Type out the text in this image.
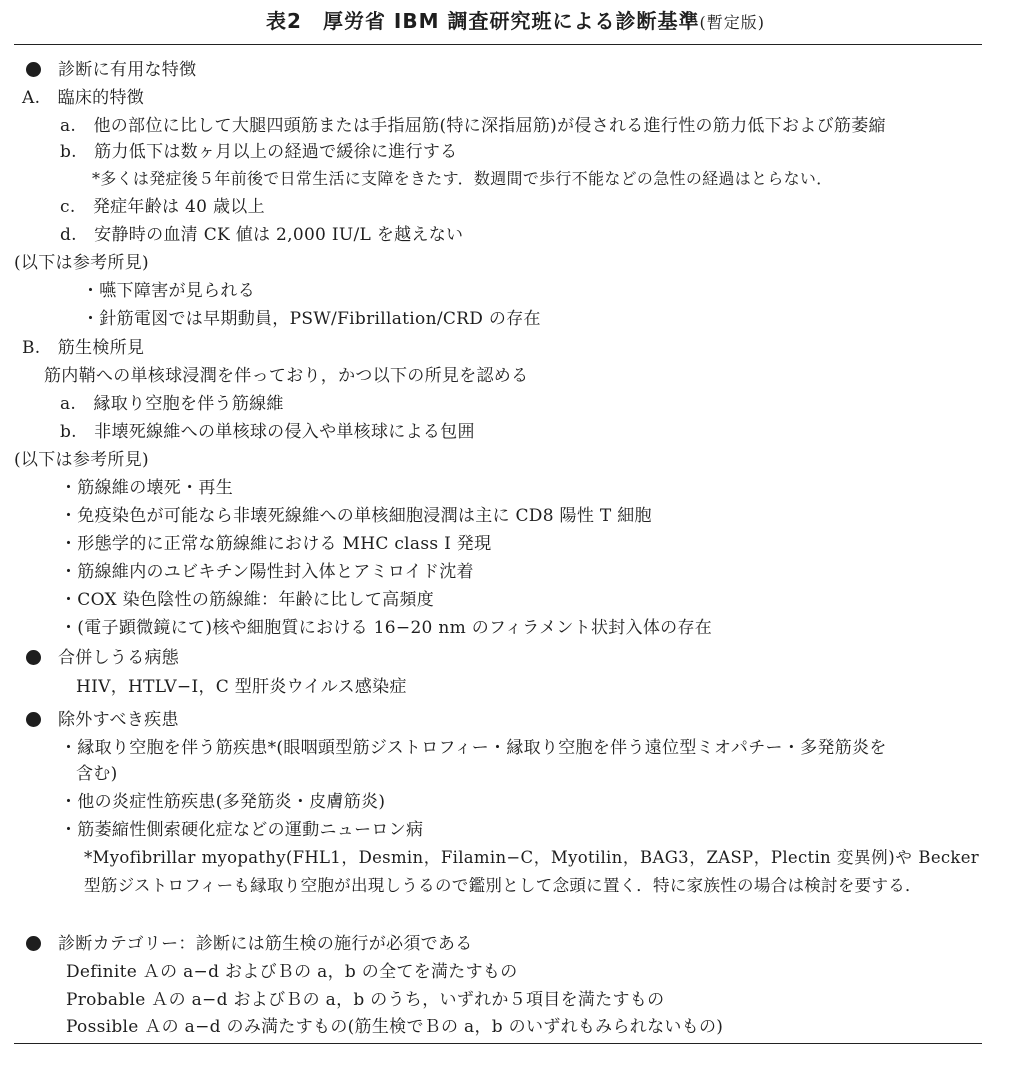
表2　厚労省 IBM 調査研究班による診断基準(暫定版)
診断に有用な特徴
A.　臨床的特徴
a.　他の部位に比して大腿四頭筋または手指屈筋(特に深指屈筋)が侵される進行性の筋力低下および筋萎縮
b.　筋力低下は数ヶ月以上の経過で緩徐に進行する
*多くは発症後５年前後で日常生活に支障をきたす．数週間で歩行不能などの急性の経過はとらない．
c.　発症年齢は 40 歳以上
d.　安静時の血清 CK 値は 2,000 IU/L を越えない
(以下は参考所見)
・嚥下障害が見られる
・針筋電図では早期動員，PSW/Fibrillation/CRD の存在
B.　筋生検所見
筋内鞘への単核球浸潤を伴っており，かつ以下の所見を認める
a.　縁取り空胞を伴う筋線維
b.　非壊死線維への単核球の侵入や単核球による包囲
(以下は参考所見)
・筋線維の壊死・再生
・免疫染色が可能なら非壊死線維への単核細胞浸潤は主に CD8 陽性 T 細胞
・形態学的に正常な筋線維における MHC class I 発現
・筋線維内のユビキチン陽性封入体とアミロイド沈着
・COX 染色陰性の筋線維：年齢に比して高頻度
・(電子顕微鏡にて)核や細胞質における 16−20 nm のフィラメント状封入体の存在
合併しうる病態
HIV，HTLV−I，C 型肝炎ウイルス感染症
除外すべき疾患
・縁取り空胞を伴う筋疾患*(眼咽頭型筋ジストロフィー・縁取り空胞を伴う遠位型ミオパチー・多発筋炎を
含む)
・他の炎症性筋疾患(多発筋炎・皮膚筋炎)
・筋萎縮性側索硬化症などの運動ニューロン病
*Myofibrillar myopathy(FHL1，Desmin，Filamin−C，Myotilin，BAG3，ZASP，Plectin 変異例)や Becker 型筋ジストロフィーも縁取り空胞が出現しうるので鑑別として念頭に置く．特に家族性の場合は検討を要する．
診断カテゴリー：診断には筋生検の施行が必須である
Definite Ａの a−d およびＢの a，b の全てを満たすもの
Probable Ａの a−d およびＢの a，b のうち，いずれか５項目を満たすもの
Possible Ａの a−d のみ満たすもの(筋生検でＢの a，b のいずれもみられないもの)
